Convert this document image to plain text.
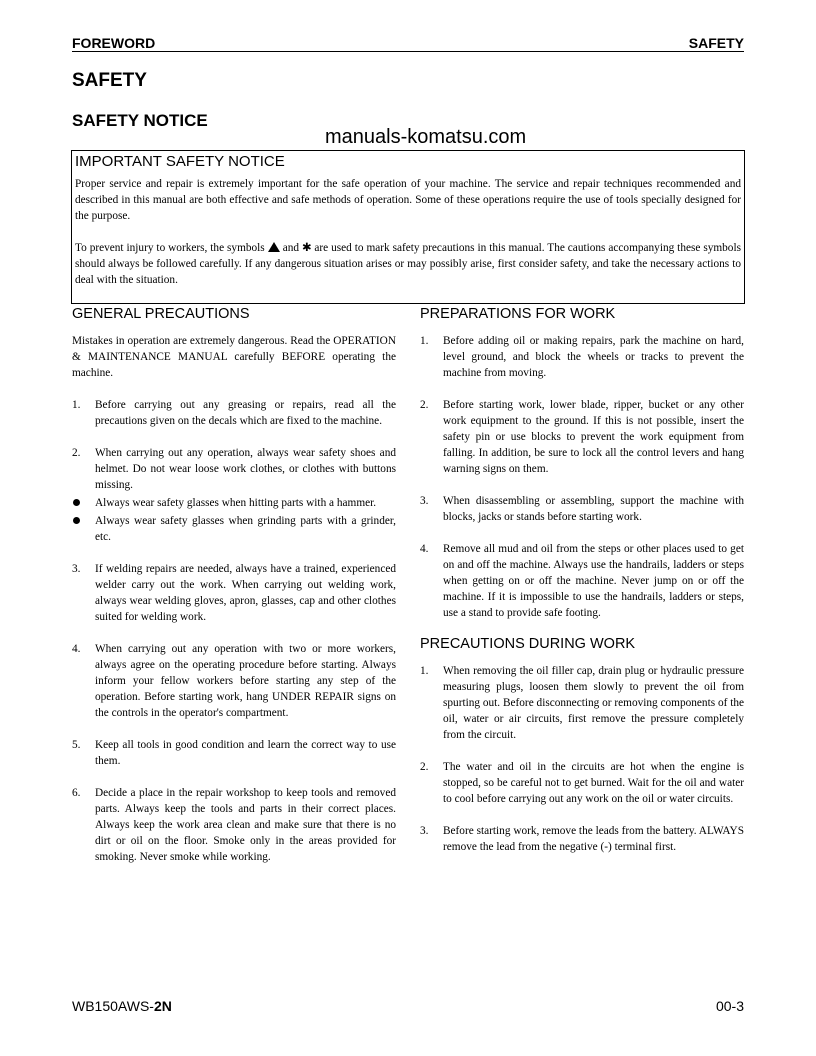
FOREWORD	SAFETY
SAFETY
SAFETY NOTICE
manuals-komatsu.com
IMPORTANT SAFETY NOTICE

Proper service and repair is extremely important for the safe operation of your machine. The service and repair techniques recommended and described in this manual are both effective and safe methods of operation. Some of these operations require the use of tools specially designed for the purpose.

To prevent injury to workers, the symbols and ✱ are used to mark safety precautions in this manual. The cautions accompanying these symbols should always be followed carefully. If any dangerous situation arises or may possibly arise, first consider safety, and take the necessary actions to deal with the situation.

GENERAL PRECAUTIONS
Mistakes in operation are extremely dangerous. Read the OPERATION & MAINTENANCE MANUAL carefully BEFORE operating the machine.
1. Before carrying out any greasing or repairs, read all the precautions given on the decals which are fixed to the machine.
2. When carrying out any operation, always wear safety shoes and helmet. Do not wear loose work clothes, or clothes with buttons missing.
Always wear safety glasses when hitting parts with a hammer.
Always wear safety glasses when grinding parts with a grinder, etc.
3. If welding repairs are needed, always have a trained, experienced welder carry out the work. When carrying out welding work, always wear welding gloves, apron, glasses, cap and other clothes suited for welding work.
4. When carrying out any operation with two or more workers, always agree on the operating procedure before starting. Always inform your fellow workers before starting any step of the operation. Before starting work, hang UNDER REPAIR signs on the controls in the operator's compartment.
5. Keep all tools in good condition and learn the correct way to use them.
6. Decide a place in the repair workshop to keep tools and removed parts. Always keep the tools and parts in their correct places. Always keep the work area clean and make sure that there is no dirt or oil on the floor. Smoke only in the areas provided for smoking. Never smoke while working.
PREPARATIONS FOR WORK
1. Before adding oil or making repairs, park the machine on hard, level ground, and block the wheels or tracks to prevent the machine from moving.
2. Before starting work, lower blade, ripper, bucket or any other work equipment to the ground. If this is not possible, insert the safety pin or use blocks to prevent the work equipment from falling. In addition, be sure to lock all the control levers and hang warning signs on them.
3. When disassembling or assembling, support the machine with blocks, jacks or stands before starting work.
4. Remove all mud and oil from the steps or other places used to get on and off the machine. Always use the handrails, ladders or steps when getting on or off the machine. Never jump on or off the machine. If it is impossible to use the handrails, ladders or steps, use a stand to provide safe footing.
PRECAUTIONS DURING WORK
1. When removing the oil filler cap, drain plug or hydraulic pressure measuring plugs, loosen them slowly to prevent the oil from spurting out. Before disconnecting or removing components of the oil, water or air circuits, first remove the pressure completely from the circuit.
2. The water and oil in the circuits are hot when the engine is stopped, so be careful not to get burned. Wait for the oil and water to cool before carrying out any work on the oil or water circuits.
3. Before starting work, remove the leads from the battery. ALWAYS remove the lead from the negative (-) terminal first.
WB150AWS-2N	00-3
